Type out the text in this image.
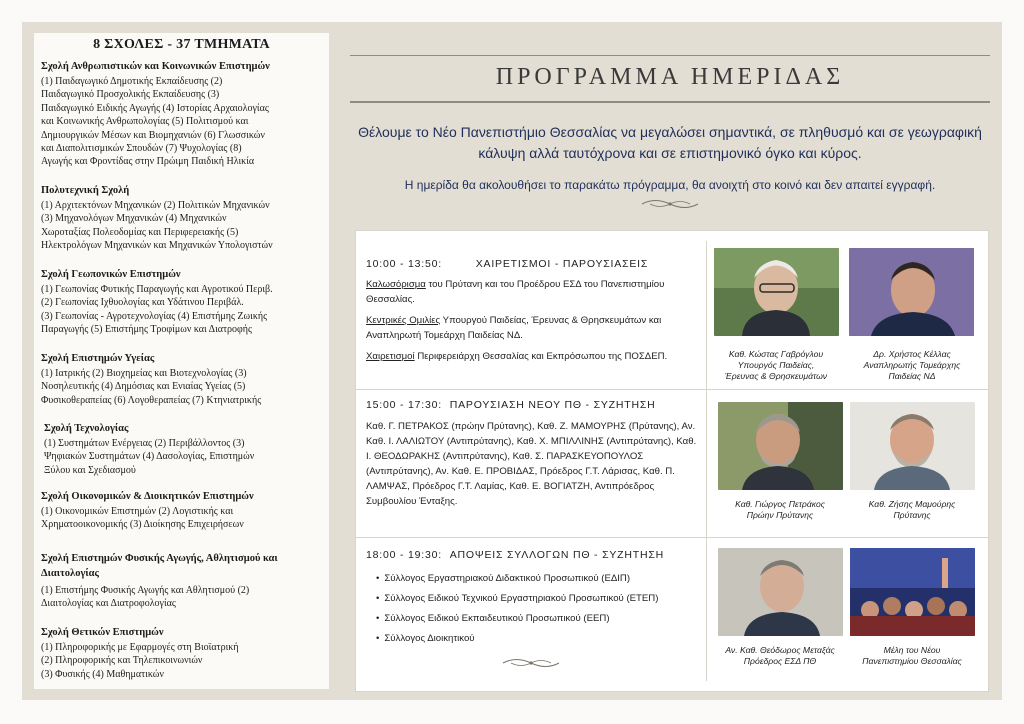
8 ΣΧΟΛΕΣ - 37 ΤΜΗΜΑΤΑ
Σχολή Ανθρωπιστικών και Κοινωνικών Επιστημών

(1) Παιδαγωγικό Δημοτικής Εκπαίδευσης (2)

Παιδαγωγικό Προσχολικής Εκπαίδευσης (3)

Παιδαγωγικό Ειδικής Αγωγής (4) Ιστορίας Αρχαιολογίας

και Κοινωνικής Ανθρωπολογίας (5) Πολιτισμού και

Δημιουργικών Μέσων και Βιομηχανιών (6) Γλωσσικών

και Διαπολιτισμικών Σπουδών (7) Ψυχολογίας (8)

Αγωγής και Φροντίδας στην Πρώιμη Παιδική Ηλικία

Πολυτεχνική Σχολή

(1) Αρχιτεκτόνων Μηχανικών (2) Πολιτικών Μηχανικών

(3) Μηχανολόγων Μηχανικών (4) Μηχανικών

Χωροταξίας Πολεοδομίας και Περιφερειακής (5)

Ηλεκτρολόγων Μηχανικών και Μηχανικών Υπολογιστών

Σχολή Γεωπονικών Επιστημών

(1) Γεωπονίας Φυτικής Παραγωγής και Αγροτικού Περιβ.

(2) Γεωπονίας Ιχθυολογίας και Υδάτινου Περιβάλ.

(3) Γεωπονίας - Αγροτεχνολογίας (4) Επιστήμης Ζωικής

Παραγωγής (5) Επιστήμης Τροφίμων και Διατροφής

Σχολή Επιστημών Υγείας

(1) Ιατρικής (2) Βιοχημείας και Βιοτεχνολογίας (3)

Νοσηλευτικής (4) Δημόσιας και Ενιαίας Υγείας (5)

Φυσικοθεραπείας (6) Λογοθεραπείας (7) Κτηνιατρικής

Σχολή Τεχνολογίας

(1) Συστημάτων Ενέργειας (2) Περιβάλλοντος (3)

Ψηφιακών Συστημάτων (4) Δασολογίας, Επιστημών

Ξύλου και Σχεδιασμού

Σχολή Οικονομικών & Διοικητικών Επιστημών

(1) Οικονομικών Επιστημών (2) Λογιστικής και

Χρηματοοικονομικής (3) Διοίκησης Επιχειρήσεων

Σχολή Επιστημών Φυσικής Αγωγής, Αθλητισμού και Διαιτολογίας

(1) Επιστήμης Φυσικής Αγωγής και Αθλητισμού (2)

Διαιτολογίας και Διατροφολογίας

Σχολή Θετικών Επιστημών

(1) Πληροφορικής με Εφαρμογές στη Βιοϊατρική

(2) Πληροφορικής και Τηλεπικοινωνιών

(3) Φυσικής (4) Μαθηματικών

ΠΡΟΓΡΑΜΜΑ ΗΜΕΡΙΔΑΣ
Θέλουμε το Νέο Πανεπιστήμιο Θεσσαλίας να μεγαλώσει σημαντικά, σε πληθυσμό και σε γεωγραφική κάλυψη αλλά ταυτόχρονα και σε επιστημονικό όγκο και κύρος.
Η ημερίδα θα ακολουθήσει το παρακάτω πρόγραμμα, θα ανοιχτή στο κοινό και δεν απαιτεί εγγραφή.
10:00 - 13:50:	ΧΑΙΡΕΤΙΣΜΟΙ - ΠΑΡΟΥΣΙΑΣΕΙΣ

Καλωσόρισμα του Πρύτανη και του Προέδρου ΕΣΔ του Πανεπιστημίου Θεσσαλίας.

Κεντρικές Ομιλίες Υπουργού Παιδείας, Έρευνας & Θρησκευμάτων και Αναπληρωτή Τομεάρχη Παιδείας ΝΔ.

Χαιρετισμοί Περιφερειάρχη Θεσσαλίας και Εκπρόσωπου της ΠΟΣΔΕΠ.	Καθ. Κώστας Γαβρόγλου
Υπουργός Παιδείας,
Έρευνας & Θρησκευμάτων
Δρ. Χρήστος Κέλλας
Αναπληρωτής Τομεάρχης
Παιδείας ΝΔ
15:00 - 17:30: ΠΑΡΟΥΣΙΑΣΗ ΝΕΟΥ ΠΘ - ΣΥΖΗΤΗΣΗ

Καθ. Γ. ΠΕΤΡΑΚΟΣ (πρώην Πρύτανης), Καθ. Ζ. ΜΑΜΟΥΡΗΣ (Πρύτανης), Αν. Καθ. Ι. ΛΑΛΙΩΤΟΥ (Αντιπρύτανης), Καθ. Χ. ΜΠΙΛΛΙΝΗΣ (Αντιπρύτανης), Καθ. Ι. ΘΕΟΔΩΡΑΚΗΣ (Αντιπρύτανης), Καθ. Σ. ΠΑΡΑΣΚΕΥΟΠΟΥΛΟΣ (Αντιπρύτανης), Αν. Καθ. Ε. ΠΡΟΒΙΔΑΣ, Πρόεδρος Γ.Τ. Λάρισας, Καθ. Π. ΛΑΜΨΑΣ, Πρόεδρος Γ.Τ. Λαμίας, Καθ. Ε. ΒΟΓΙΑΤΖΗ, Αντιπρόεδρος Συμβουλίου Ένταξης.	Καθ. Γιώργος Πετράκος
Πρώην Πρύτανης
Καθ. Ζήσης Μαμούρης
Πρύτανης
18:00 - 19:30: ΑΠΟΨΕΙΣ ΣΥΛΛΟΓΩΝ ΠΘ - ΣΥΖΗΤΗΣΗ
• Σύλλογος Εργαστηριακού Διδακτικού Προσωπικού (ΕΔΙΠ)
• Σύλλογος Ειδικού Τεχνικού Εργαστηριακού Προσωπικού (ΕΤΕΠ)
• Σύλλογος Ειδικού Εκπαιδευτικού Προσωπικού (ΕΕΠ)
• Σύλλογος Διοικητικού
Αν. Καθ. Θεόδωρος Μεταξάς
Πρόεδρος ΕΣΔ ΠΘ
Μέλη του Νέου
Πανεπιστημίου Θεσσαλίας
